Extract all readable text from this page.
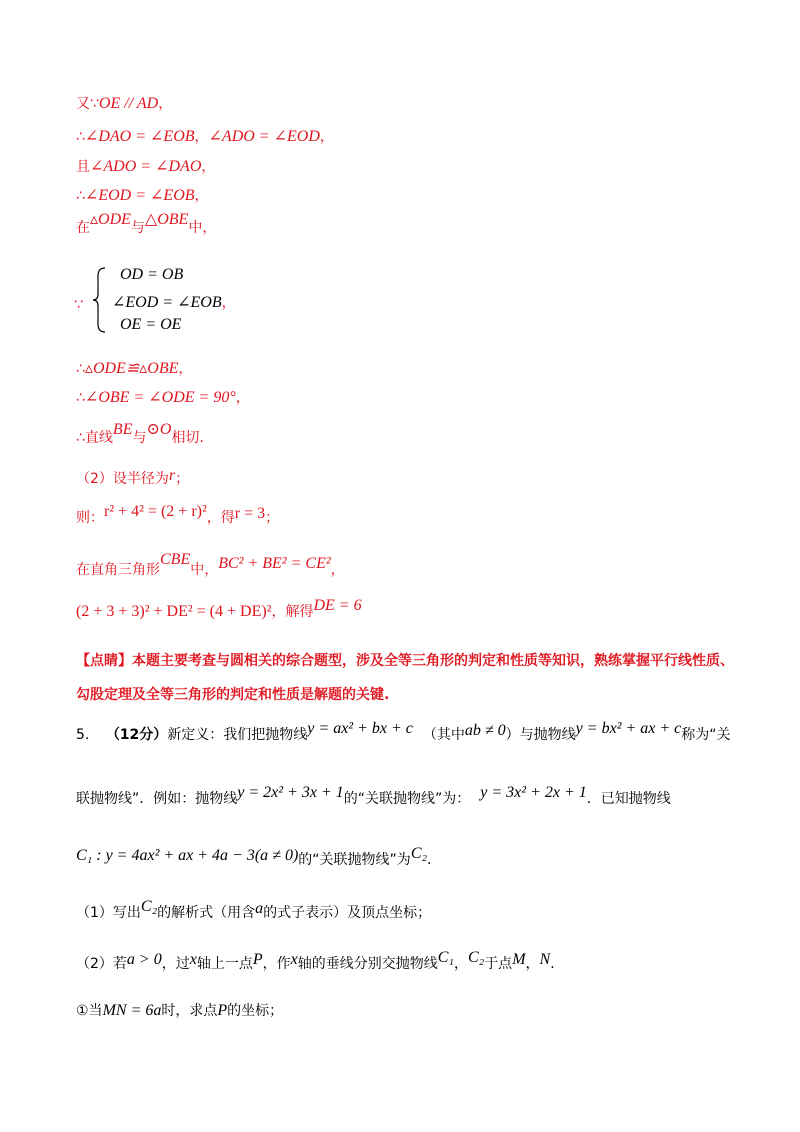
又∵OE // AD，
∴∠DAO = ∠EOB，∠ADO = ∠EOD，
且∠ADO = ∠DAO，
∴∠EOD = ∠EOB，
在▵ODE与△OBE中，
∵
OD = OB
∠EOD = ∠EOB，
OE = OE
∴▵ODE≌▵OBE，
∴∠OBE = ∠ODE = 90°，
∴直线BE与⊙O相切.
（2）设半径为r；
则：r² + 4² = (2 + r)²，得r = 3；
在直角三角形CBE中，BC² + BE² = CE²，
(2 + 3 + 3)² + DE² = (4 + DE)²，解得DE = 6
【点睛】本题主要考查与圆相关的综合题型，涉及全等三角形的判定和性质等知识，熟练掌握平行线性质、
勾股定理及全等三角形的判定和性质是解题的关键.
5. （12分）新定义：我们把抛物线y = ax² + bx + c （其中ab ≠ 0）与抛物线y = bx² + ax + c称为“关
联抛物线”．例如：抛物线y = 2x² + 3x + 1的“关联抛物线”为： y = 3x² + 2x + 1．已知抛物线
C₁ : y = 4ax² + ax + 4a − 3(a ≠ 0)的“关联抛物线”为C₂.
（1）写出C₂的解析式（用含a的式子表示）及顶点坐标；
（2）若a > 0，过x轴上一点P，作x轴的垂线分别交抛物线C₁，C₂于点M，N．
①当MN = 6a时，求点P的坐标；
